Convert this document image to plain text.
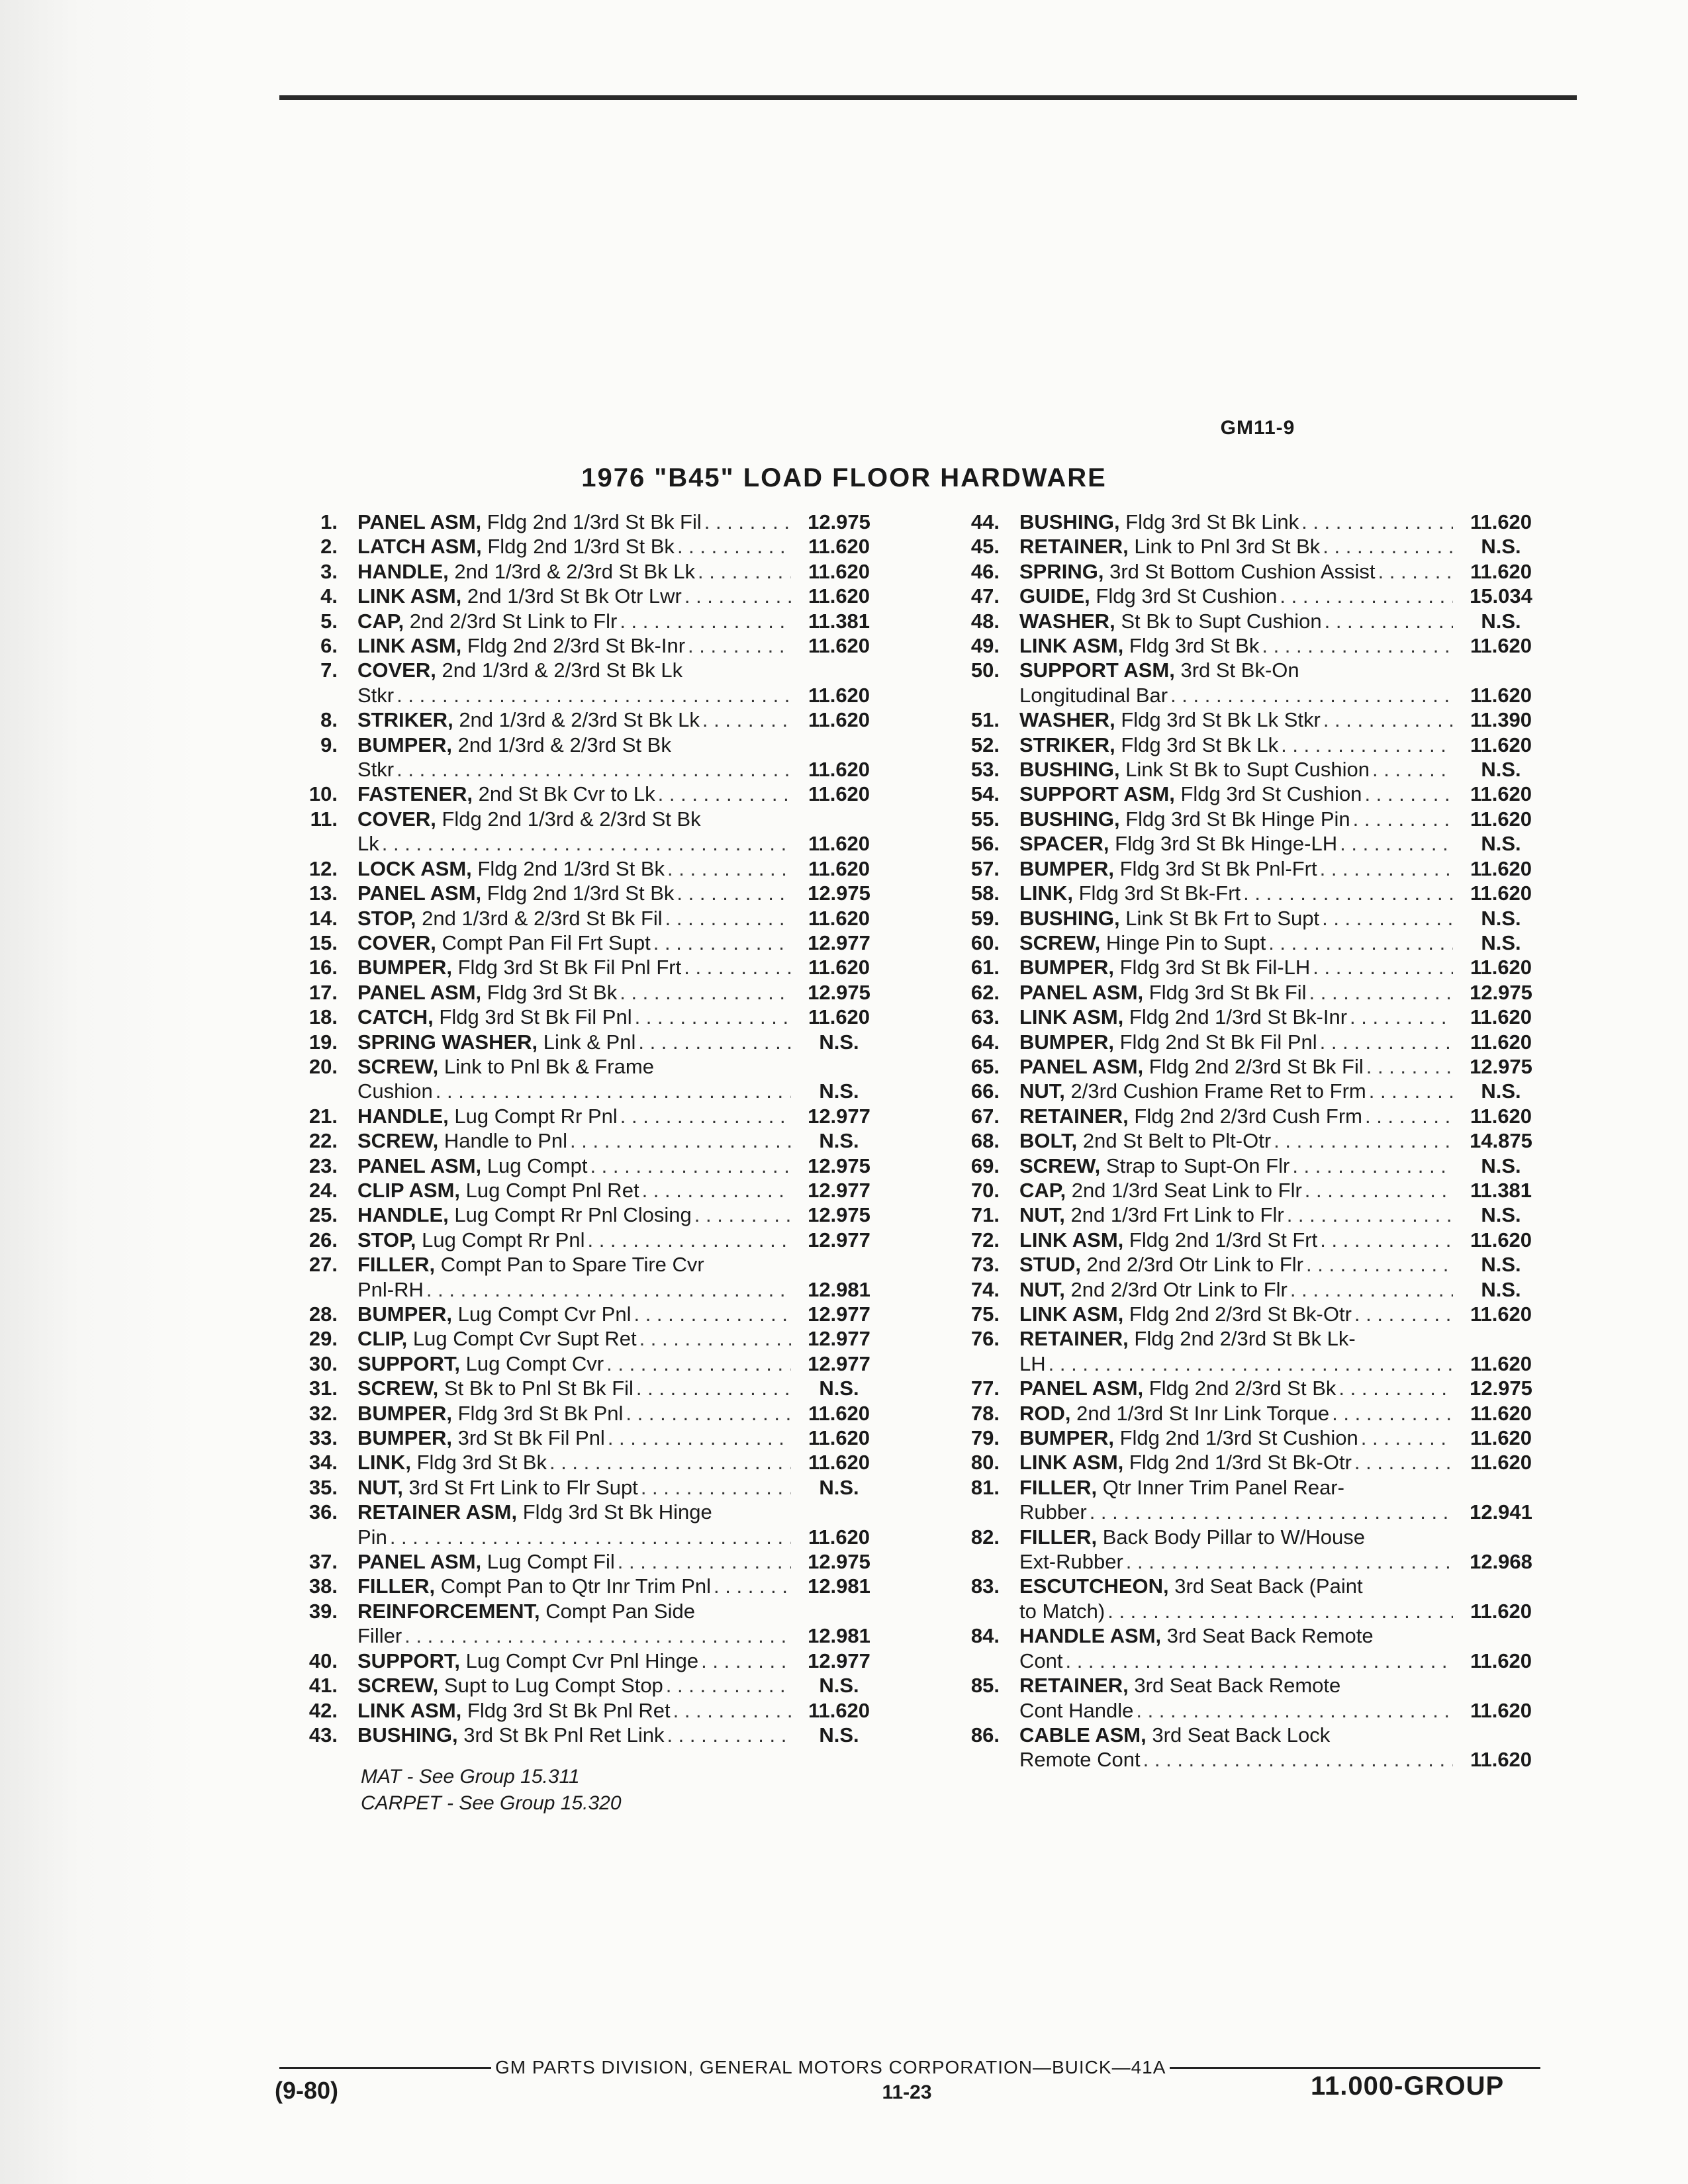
GM11-9
1976 "B45" LOAD FLOOR HARDWARE
1. PANEL ASM, Fldg 2nd 1/3rd St Bk Fil . . .	12.975
2. LATCH ASM, Fldg 2nd 1/3rd St Bk . . .	11.620
3. HANDLE, 2nd 1/3rd & 2/3rd St Bk Lk . . .	11.620
4. LINK ASM, 2nd 1/3rd St Bk Otr Lwr . . .	11.620
5. CAP, 2nd 2/3rd St Link to Flr . . .	11.381
6. LINK ASM, Fldg 2nd 2/3rd St Bk-Inr . . .	11.620
7. COVER, 2nd 1/3rd & 2/3rd St Bk Lk
Stkr . . .	11.620
8. STRIKER, 2nd 1/3rd & 2/3rd St Bk Lk . . .	11.620
9. BUMPER, 2nd 1/3rd & 2/3rd St Bk
Stkr . . .	11.620
10. FASTENER, 2nd St Bk Cvr to Lk . . .	11.620
11. COVER, Fldg 2nd 1/3rd & 2/3rd St Bk
Lk . . .	11.620
12. LOCK ASM, Fldg 2nd 1/3rd St Bk . . .	11.620
13. PANEL ASM, Fldg 2nd 1/3rd St Bk . . .	12.975
14. STOP, 2nd 1/3rd & 2/3rd St Bk Fil . . .	11.620
15. COVER, Compt Pan Fil Frt Supt . . .	12.977
16. BUMPER, Fldg 3rd St Bk Fil Pnl Frt . . .	11.620
17. PANEL ASM, Fldg 3rd St Bk . . .	12.975
18. CATCH, Fldg 3rd St Bk Fil Pnl . . .	11.620
19. SPRING WASHER, Link & Pnl . . .	N.S.
20. SCREW, Link to Pnl Bk & Frame
Cushion . . .	N.S.
21. HANDLE, Lug Compt Rr Pnl . . .	12.977
22. SCREW, Handle to Pnl . . .	N.S.
23. PANEL ASM, Lug Compt . . .	12.975
24. CLIP ASM, Lug Compt Pnl Ret . . .	12.977
25. HANDLE, Lug Compt Rr Pnl Closing . . .	12.975
26. STOP, Lug Compt Rr Pnl . . .	12.977
27. FILLER, Compt Pan to Spare Tire Cvr
Pnl-RH . . .	12.981
28. BUMPER, Lug Compt Cvr Pnl . . .	12.977
29. CLIP, Lug Compt Cvr Supt Ret . . .	12.977
30. SUPPORT, Lug Compt Cvr . . .	12.977
31. SCREW, St Bk to Pnl St Bk Fil . . .	N.S.
32. BUMPER, Fldg 3rd St Bk Pnl . . .	11.620
33. BUMPER, 3rd St Bk Fil Pnl . . .	11.620
34. LINK, Fldg 3rd St Bk . . .	11.620
35. NUT, 3rd St Frt Link to Flr Supt . . .	N.S.
36. RETAINER ASM, Fldg 3rd St Bk Hinge
Pin . . .	11.620
37. PANEL ASM, Lug Compt Fil . . .	12.975
38. FILLER, Compt Pan to Qtr Inr Trim Pnl . . .	12.981
39. REINFORCEMENT, Compt Pan Side
Filler . . .	12.981
40. SUPPORT, Lug Compt Cvr Pnl Hinge . . .	12.977
41. SCREW, Supt to Lug Compt Stop . . .	N.S.
42. LINK ASM, Fldg 3rd St Bk Pnl Ret . . .	11.620
43. BUSHING, 3rd St Bk Pnl Ret Link . . .	N.S.
44. BUSHING, Fldg 3rd St Bk Link . . .	11.620
45. RETAINER, Link to Pnl 3rd St Bk . . .	N.S.
46. SPRING, 3rd St Bottom Cushion Assist . . .	11.620
47. GUIDE, Fldg 3rd St Cushion . . .	15.034
48. WASHER, St Bk to Supt Cushion . . .	N.S.
49. LINK ASM, Fldg 3rd St Bk . . .	11.620
50. SUPPORT ASM, 3rd St Bk-On
Longitudinal Bar . . .	11.620
51. WASHER, Fldg 3rd St Bk Lk Stkr . . .	11.390
52. STRIKER, Fldg 3rd St Bk Lk . . .	11.620
53. BUSHING, Link St Bk to Supt Cushion . . .	N.S.
54. SUPPORT ASM, Fldg 3rd St Cushion . . .	11.620
55. BUSHING, Fldg 3rd St Bk Hinge Pin . . .	11.620
56. SPACER, Fldg 3rd St Bk Hinge-LH . . .	N.S.
57. BUMPER, Fldg 3rd St Bk Pnl-Frt . . .	11.620
58. LINK, Fldg 3rd St Bk-Frt . . .	11.620
59. BUSHING, Link St Bk Frt to Supt . . .	N.S.
60. SCREW, Hinge Pin to Supt . . .	N.S.
61. BUMPER, Fldg 3rd St Bk Fil-LH . . .	11.620
62. PANEL ASM, Fldg 3rd St Bk Fil . . .	12.975
63. LINK ASM, Fldg 2nd 1/3rd St Bk-Inr . . .	11.620
64. BUMPER, Fldg 2nd St Bk Fil Pnl . . .	11.620
65. PANEL ASM, Fldg 2nd 2/3rd St Bk Fil . . .	12.975
66. NUT, 2/3rd Cushion Frame Ret to Frm . . .	N.S.
67. RETAINER, Fldg 2nd 2/3rd Cush Frm . . .	11.620
68. BOLT, 2nd St Belt to Plt-Otr . . .	14.875
69. SCREW, Strap to Supt-On Flr . . .	N.S.
70. CAP, 2nd 1/3rd Seat Link to Flr . . .	11.381
71. NUT, 2nd 1/3rd Frt Link to Flr . . .	N.S.
72. LINK ASM, Fldg 2nd 1/3rd St Frt . . .	11.620
73. STUD, 2nd 2/3rd Otr Link to Flr . . .	N.S.
74. NUT, 2nd 2/3rd Otr Link to Flr . . .	N.S.
75. LINK ASM, Fldg 2nd 2/3rd St Bk-Otr . . .	11.620
76. RETAINER, Fldg 2nd 2/3rd St Bk Lk-
LH . . .	11.620
77. PANEL ASM, Fldg 2nd 2/3rd St Bk . . .	12.975
78. ROD, 2nd 1/3rd St Inr Link Torque . . .	11.620
79. BUMPER, Fldg 2nd 1/3rd St Cushion . . .	11.620
80. LINK ASM, Fldg 2nd 1/3rd St Bk-Otr . . .	11.620
81. FILLER, Qtr Inner Trim Panel Rear-
Rubber . . .	12.941
82. FILLER, Back Body Pillar to W/House
Ext-Rubber . . .	12.968
83. ESCUTCHEON, 3rd Seat Back (Paint
to Match) . . .	11.620
84. HANDLE ASM, 3rd Seat Back Remote
Cont . . .	11.620
85. RETAINER, 3rd Seat Back Remote
Cont Handle . . .	11.620
86. CABLE ASM, 3rd Seat Back Lock
Remote Cont . . .	11.620
MAT - See Group 15.311
CARPET - See Group 15.320
GM PARTS DIVISION, GENERAL MOTORS CORPORATION—BUICK—41A
(9-80)	11-23	11.000-GROUP
